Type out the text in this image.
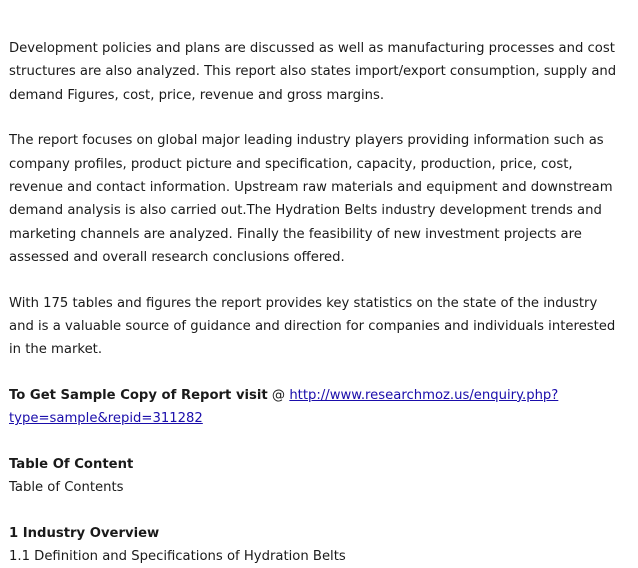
Development policies and plans are discussed as well as manufacturing processes and cost
structures are also analyzed. This report also states import/export consumption, supply and
demand Figures, cost, price, revenue and gross margins.

The report focuses on global major leading industry players providing information such as
company profiles, product picture and specification, capacity, production, price, cost,
revenue and contact information. Upstream raw materials and equipment and downstream
demand analysis is also carried out.The Hydration Belts industry development trends and
marketing channels are analyzed. Finally the feasibility of new investment projects are
assessed and overall research conclusions offered.

With 175 tables and figures the report provides key statistics on the state of the industry
and is a valuable source of guidance and direction for companies and individuals interested
in the market.

To Get Sample Copy of Report visit @ http://www.researchmoz.us/enquiry.php?
type=sample&repid=311282

Table Of Content
Table of Contents

1 Industry Overview
1.1 Definition and Specifications of Hydration Belts
